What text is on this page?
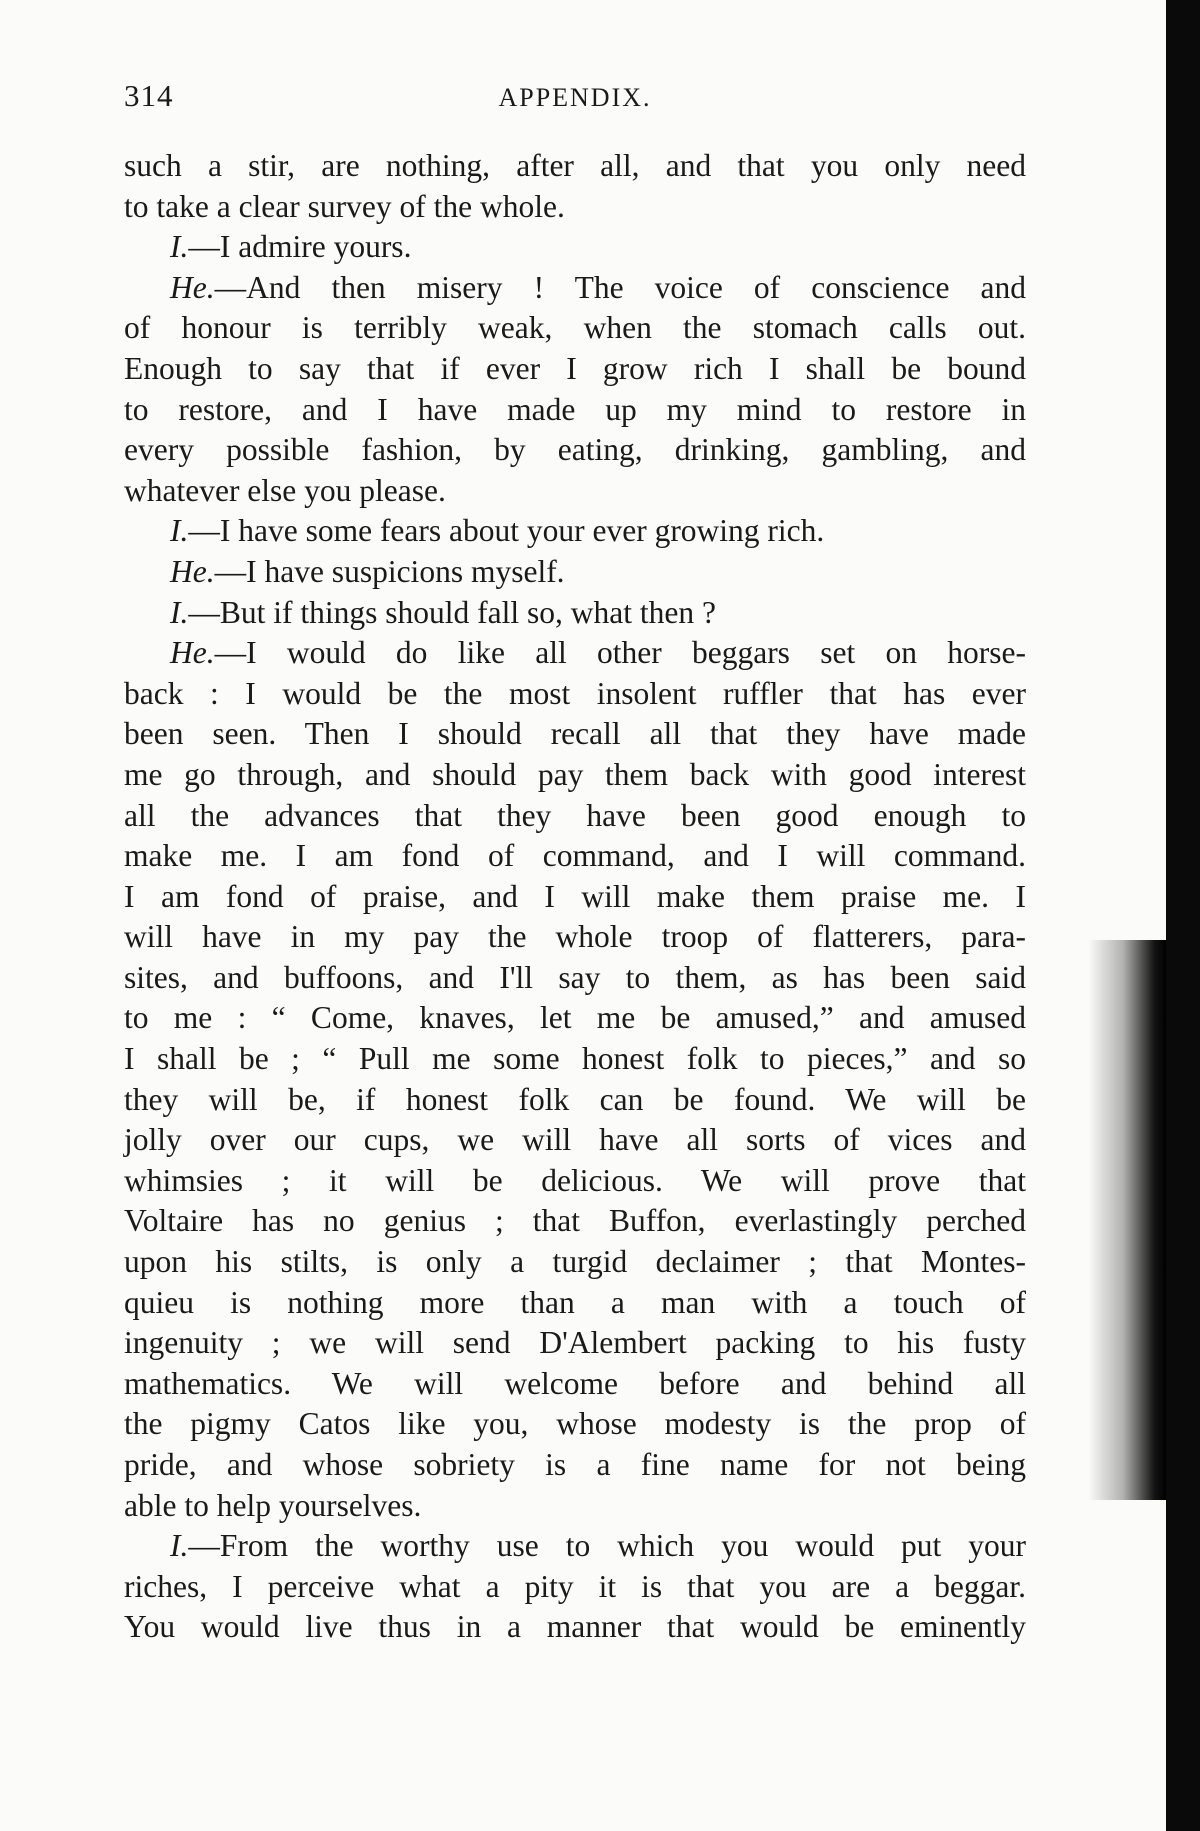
314	APPENDIX.
such a stir, are nothing, after all, and that you only need
to take a clear survey of the whole.
I.—I admire yours.
He.—And then misery ! The voice of conscience and
of honour is terribly weak, when the stomach calls out.
Enough to say that if ever I grow rich I shall be bound
to restore, and I have made up my mind to restore in
every possible fashion, by eating, drinking, gambling, and
whatever else you please.
I.—I have some fears about your ever growing rich.
He.—I have suspicions myself.
I.—But if things should fall so, what then ?
He.—I would do like all other beggars set on horse-
back : I would be the most insolent ruffler that has ever
been seen. Then I should recall all that they have made
me go through, and should pay them back with good interest
all the advances that they have been good enough to
make me. I am fond of command, and I will command.
I am fond of praise, and I will make them praise me. I
will have in my pay the whole troop of flatterers, para-
sites, and buffoons, and I'll say to them, as has been said
to me : “ Come, knaves, let me be amused,” and amused
I shall be ; “ Pull me some honest folk to pieces,” and so
they will be, if honest folk can be found. We will be
jolly over our cups, we will have all sorts of vices and
whimsies ; it will be delicious. We will prove that
Voltaire has no genius ; that Buffon, everlastingly perched
upon his stilts, is only a turgid declaimer ; that Montes-
quieu is nothing more than a man with a touch of
ingenuity ; we will send D'Alembert packing to his fusty
mathematics. We will welcome before and behind all
the pigmy Catos like you, whose modesty is the prop of
pride, and whose sobriety is a fine name for not being
able to help yourselves.
I.—From the worthy use to which you would put your
riches, I perceive what a pity it is that you are a beggar.
You would live thus in a manner that would be eminently
